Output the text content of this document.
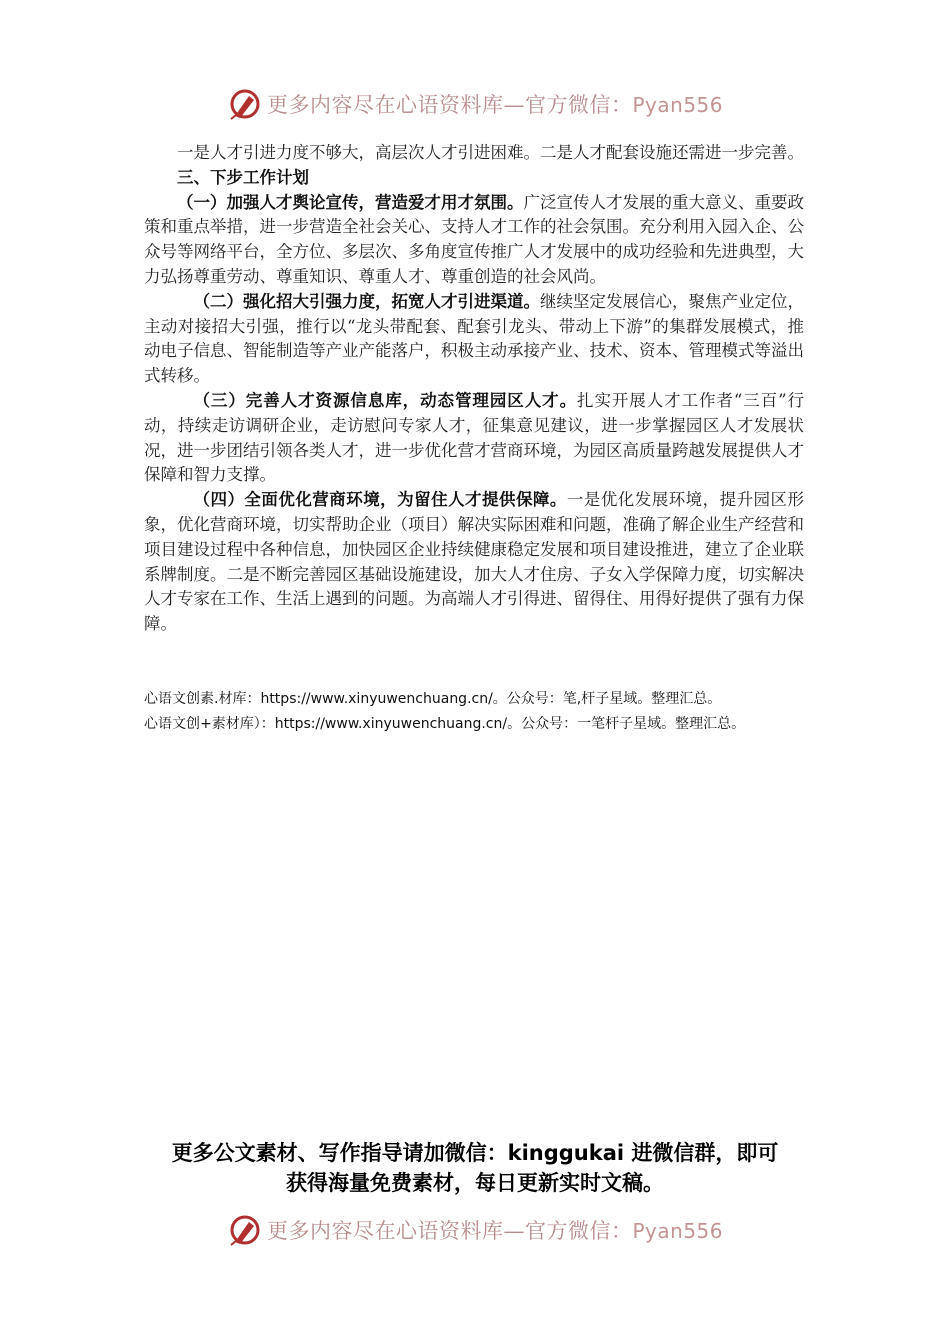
更多内容尽在心语资料库—官方微信：Pyan556

一是人才引进力度不够大，高层次人才引进困难。二是人才配套设施还需进一步完善。

三、下步工作计划

（一）加强人才舆论宣传，营造爱才用才氛围。广泛宣传人才发展的重大意义、重要政策和重点举措，进一步营造全社会关心、支持人才工作的社会氛围。充分利用入园入企、公众号等网络平台，全方位、多层次、多角度宣传推广人才发展中的成功经验和先进典型，大力弘扬尊重劳动、尊重知识、尊重人才、尊重创造的社会风尚。

（二）强化招大引强力度，拓宽人才引进渠道。继续坚定发展信心，聚焦产业定位，主动对接招大引强，推行以“龙头带配套、配套引龙头、带动上下游”的集群发展模式，推动电子信息、智能制造等产业产能落户，积极主动承接产业、技术、资本、管理模式等溢出式转移。

（三）完善人才资源信息库，动态管理园区人才。扎实开展人才工作者“三百”行动，持续走访调研企业，走访慰问专家人才，征集意见建议，进一步掌握园区人才发展状况，进一步团结引领各类人才，进一步优化营才营商环境，为园区高质量跨越发展提供人才保障和智力支撑。

（四）全面优化营商环境，为留住人才提供保障。一是优化发展环境，提升园区形象，优化营商环境，切实帮助企业（项目）解决实际困难和问题，准确了解企业生产经营和项目建设过程中各种信息，加快园区企业持续健康稳定发展和项目建设推进，建立了企业联系牌制度。二是不断完善园区基础设施建设，加大人才住房、子女入学保障力度，切实解决人才专家在工作、生活上遇到的问题。为高端人才引得进、留得住、用得好提供了强有力保障。

心语文创素.材库：https://www.xinyuwenchuang.cn/。公众号：笔,杆子星域。整理汇总。
心语文创+素材库）：https://www.xinyuwenchuang.cn/。公众号：一笔杆子星域。整理汇总。
更多公文素材、写作指导请加微信：kinggukai 进微信群，即可
获得海量免费素材，每日更新实时文稿。
更多内容尽在心语资料库—官方微信：Pyan556
